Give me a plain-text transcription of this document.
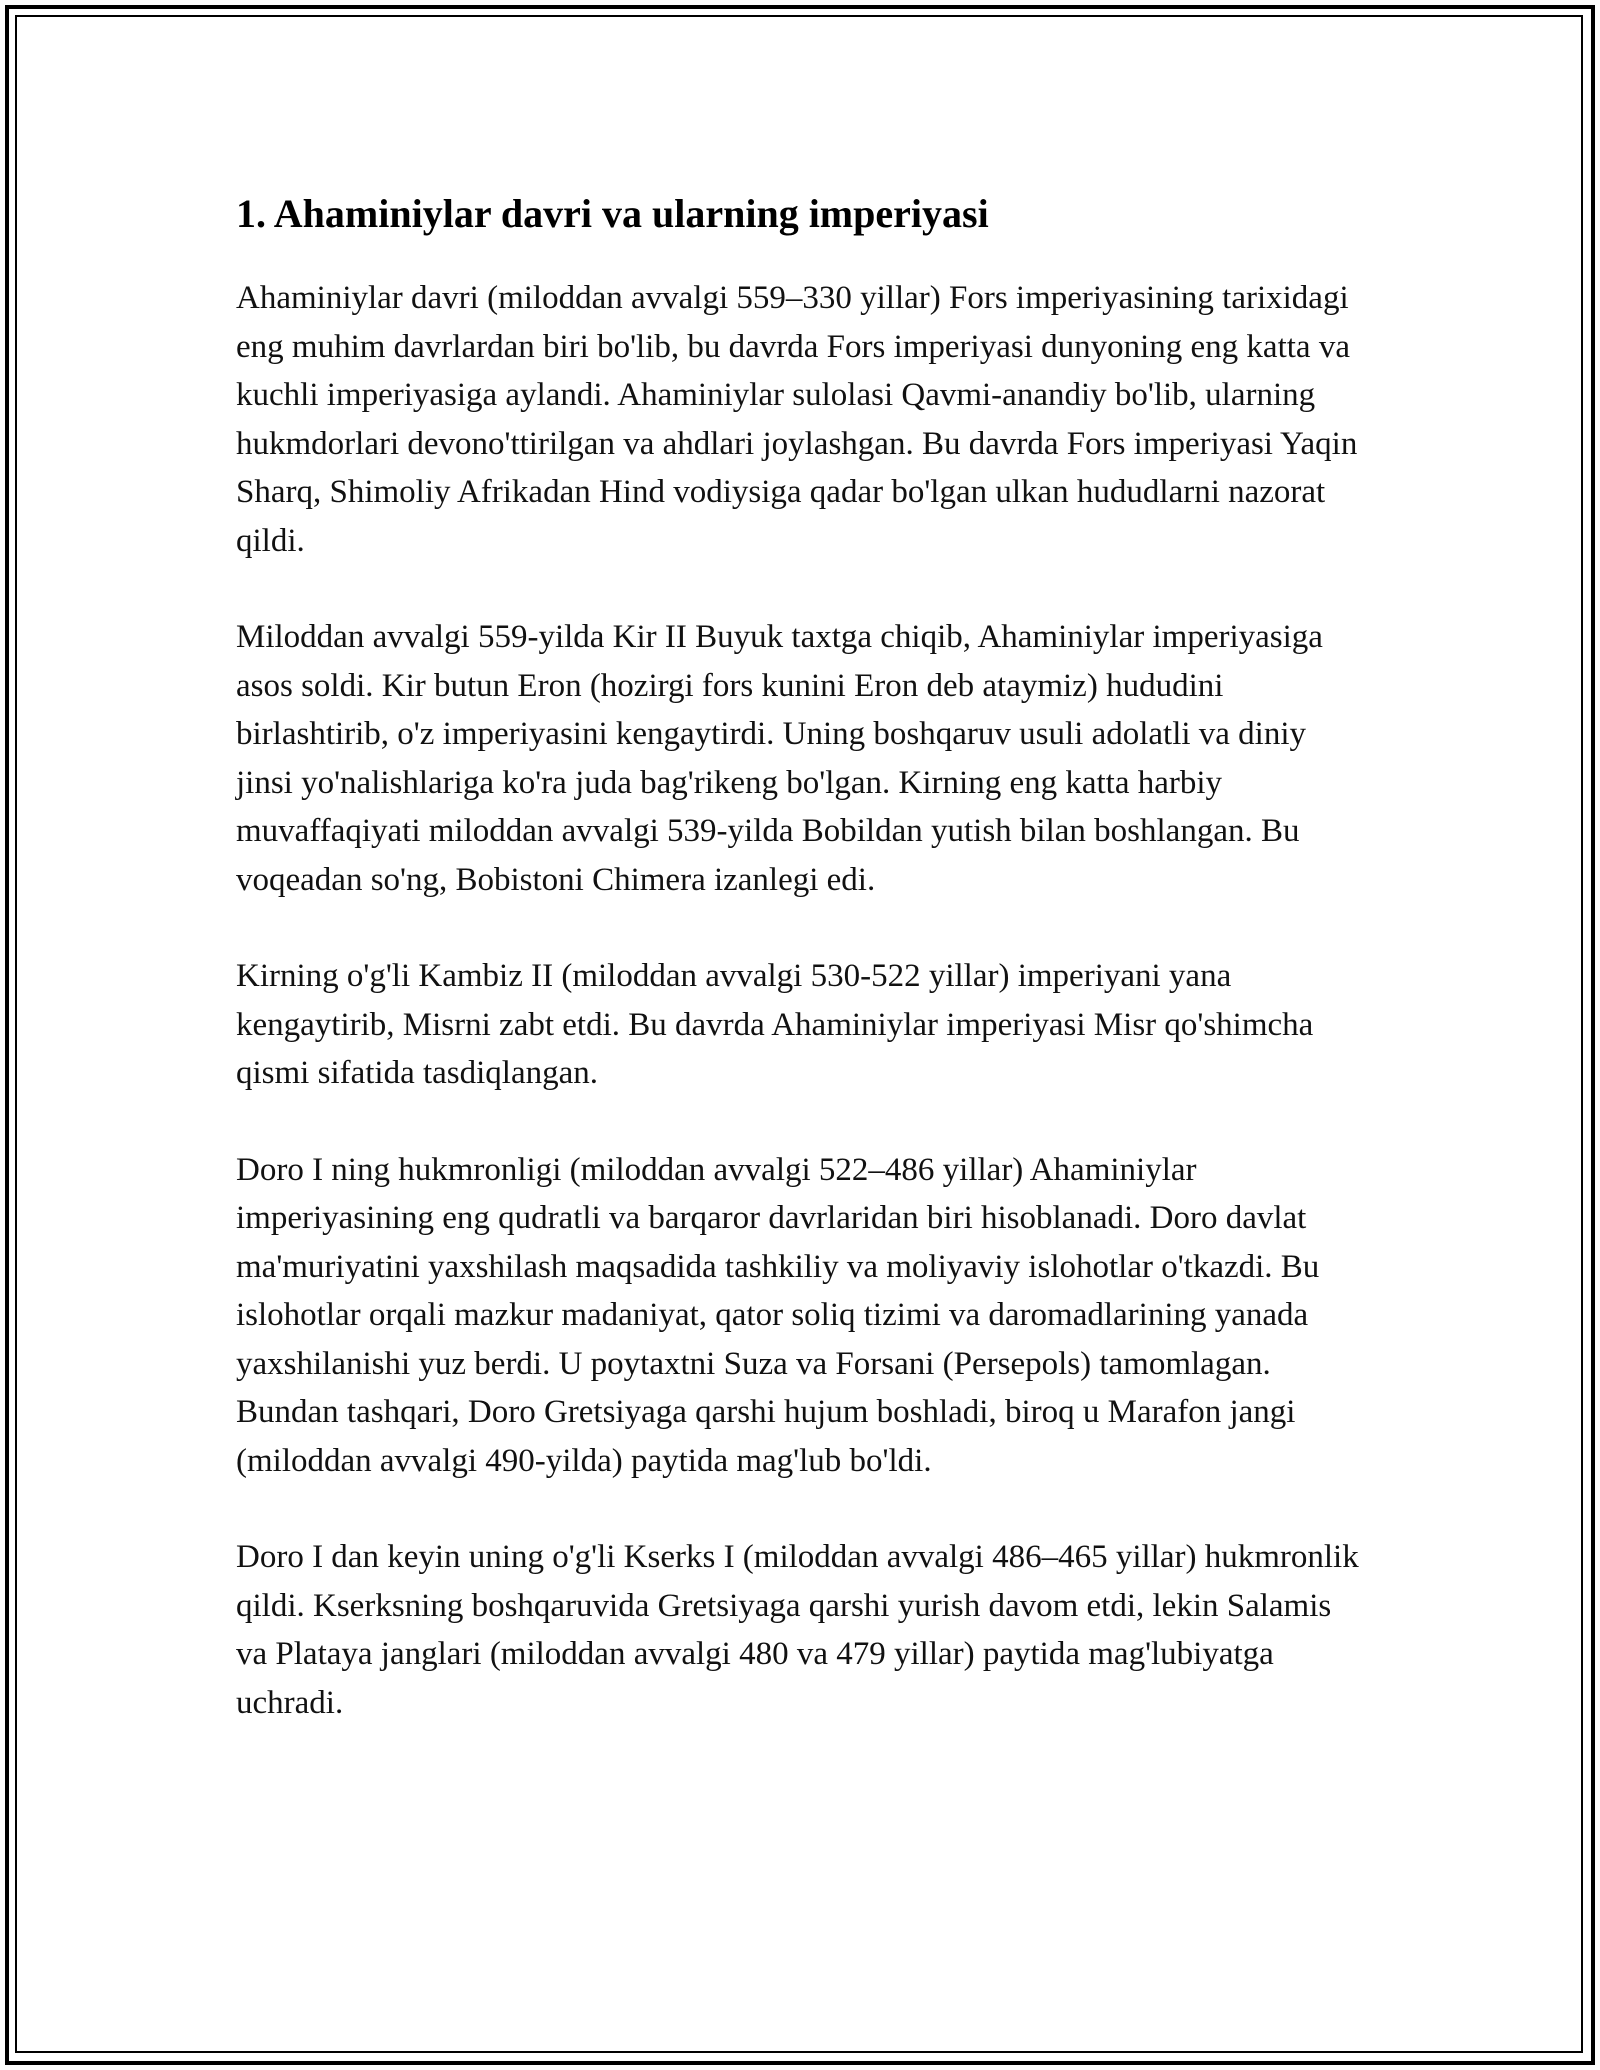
1. Ahaminiylar davri va ularning imperiyasi

Ahaminiylar davri (miloddan avvalgi 559–330 yillar) Fors imperiyasining tarixidagi eng muhim davrlardan biri bo'lib, bu davrda Fors imperiyasi dunyoning eng katta va kuchli imperiyasiga aylandi. Ahaminiylar sulolasi Qavmi-anandiy bo'lib, ularning hukmdorlari devono'ttirilgan va ahdlari joylashgan. Bu davrda Fors imperiyasi Yaqin Sharq, Shimoliy Afrikadan Hind vodiysiga qadar bo'lgan ulkan hududlarni nazorat qildi.

Miloddan avvalgi 559-yilda Kir II Buyuk taxtga chiqib, Ahaminiylar imperiyasiga asos soldi. Kir butun Eron (hozirgi fors kunini Eron deb ataymiz) hududini birlashtirib, o'z imperiyasini kengaytirdi. Uning boshqaruv usuli adolatli va diniy jinsi yo'nalishlariga ko'ra juda bag'rikeng bo'lgan. Kirning eng katta harbiy muvaffaqiyati miloddan avvalgi 539-yilda Bobildan yutish bilan boshlangan. Bu voqeadan so'ng, Bobistoni Chimera izanlegi edi.

Kirning o'g'li Kambiz II (miloddan avvalgi 530-522 yillar) imperiyani yana kengaytirib, Misrni zabt etdi. Bu davrda Ahaminiylar imperiyasi Misr qo'shimcha qismi sifatida tasdiqlangan.

Doro I ning hukmronligi (miloddan avvalgi 522–486 yillar) Ahaminiylar imperiyasining eng qudratli va barqaror davrlaridan biri hisoblanadi. Doro davlat ma'muriyatini yaxshilash maqsadida tashkiliy va moliyaviy islohotlar o'tkazdi. Bu islohotlar orqali mazkur madaniyat, qator soliq tizimi va daromadlarining yanada yaxshilanishi yuz berdi. U poytaxtni Suza va Forsani (Persepols) tamomlagan. Bundan tashqari, Doro Gretsiyaga qarshi hujum boshladi, biroq u Marafon jangi (miloddan avvalgi 490-yilda) paytida mag'lub bo'ldi.

Doro I dan keyin uning o'g'li Kserks I (miloddan avvalgi 486–465 yillar) hukmronlik qildi. Kserksning boshqaruvida Gretsiyaga qarshi yurish davom etdi, lekin Salamis va Plataya janglari (miloddan avvalgi 480 va 479 yillar) paytida mag'lubiyatga uchradi.
